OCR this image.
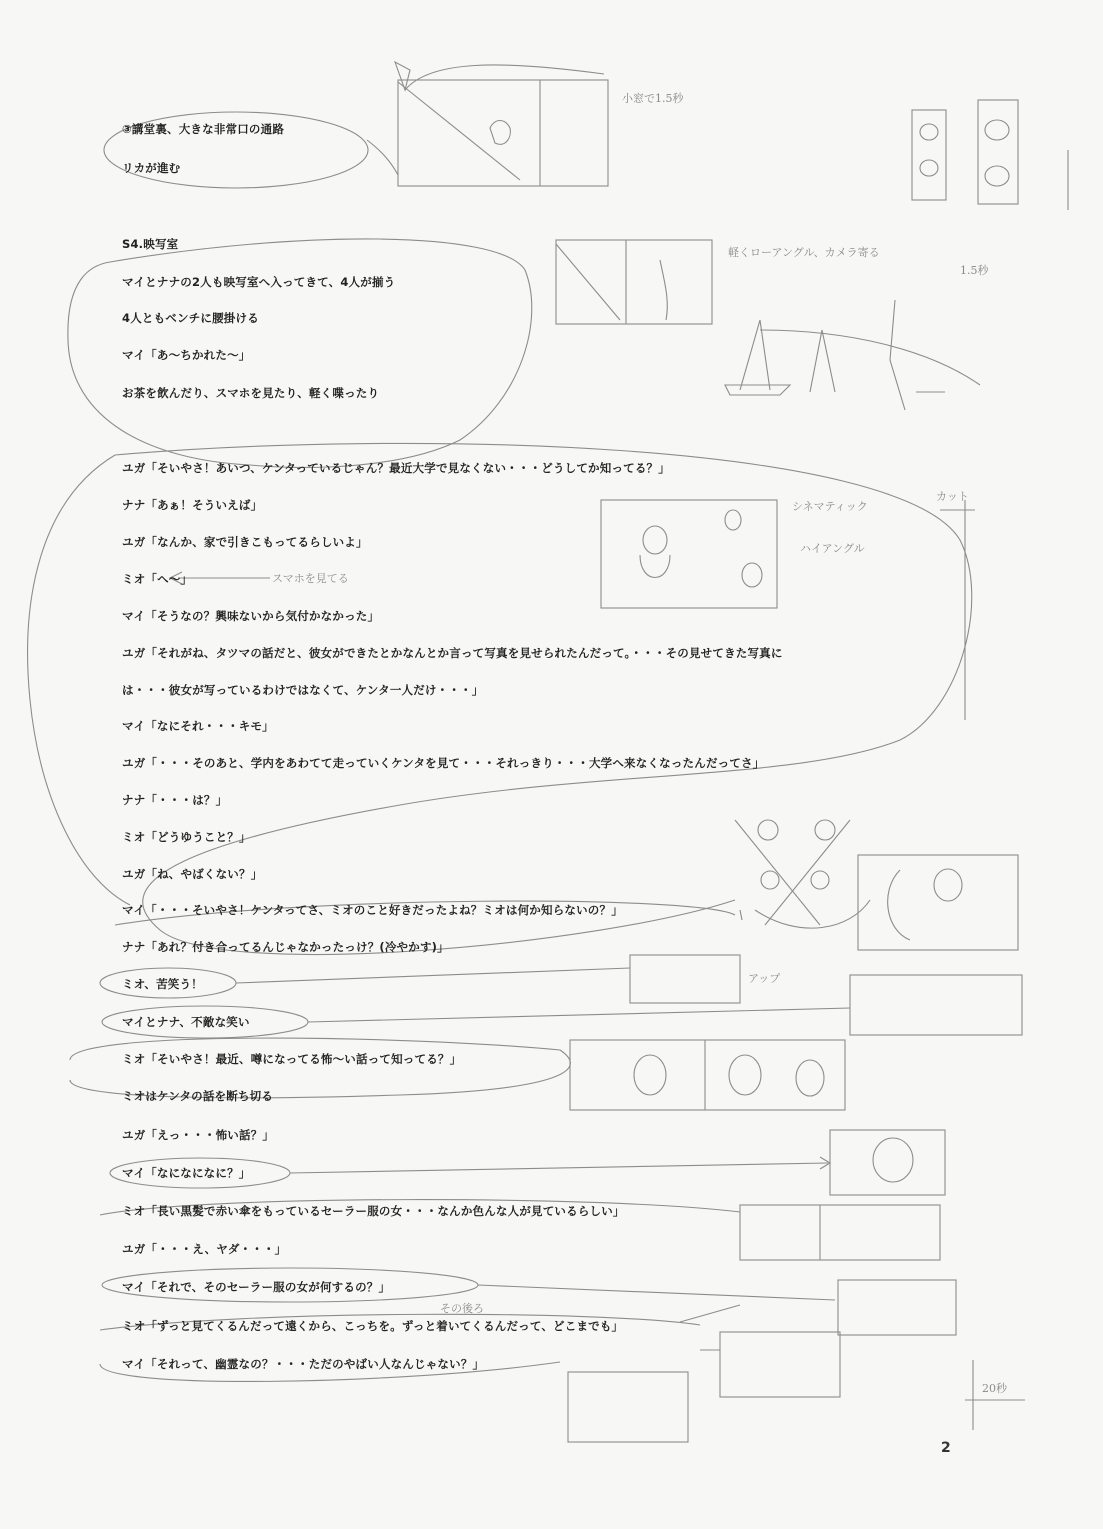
③講堂裏、大きな非常口の通路
リカが進む
S4.映写室
マイとナナの2人も映写室へ入ってきて、4人が揃う
4人ともベンチに腰掛ける
マイ「あ〜ちかれた〜」
お茶を飲んだり、スマホを見たり、軽く喋ったり
ユガ「そいやさ！あいつ、ケンタっているじゃん？最近大学で見なくない・・・どうしてか知ってる？」
ナナ「あぁ！そういえば」
ユガ「なんか、家で引きこもってるらしいよ」
ミオ「へ〜」
マイ「そうなの？興味ないから気付かなかった」
ユガ「それがね、タツマの話だと、彼女ができたとかなんとか言って写真を見せられたんだって。・・・その見せてきた写真に
は・・・彼女が写っているわけではなくて、ケンタ一人だけ・・・」
マイ「なにそれ・・・キモ」
ユガ「・・・そのあと、学内をあわてて走っていくケンタを見て・・・それっきり・・・大学へ来なくなったんだってさ」
ナナ「・・・は？」
ミオ「どうゆうこと？」
ユガ「ね、やばくない？」
マイ「・・・そいやさ！ケンタってさ、ミオのこと好きだったよね？ミオは何か知らないの？」
ナナ「あれ？付き合ってるんじゃなかったっけ？(冷やかす)」
ミオ、苦笑う！
マイとナナ、不敵な笑い
ミオ「そいやさ！最近、噂になってる怖〜い話って知ってる？」
ミオはケンタの話を断ち切る
ユガ「えっ・・・怖い話？」
マイ「なになになに？」
ミオ「長い黒髪で赤い傘をもっているセーラー服の女・・・なんか色んな人が見ているらしい」
ユガ「・・・え、ヤダ・・・」
マイ「それで、そのセーラー服の女が何するの？」
ミオ「ずっと見てくるんだって遠くから、こっちを。ずっと着いてくるんだって、どこまでも」
マイ「それって、幽霊なの？・・・ただのやばい人なんじゃない？」
小窓で1.5秒
軽くローアングル、カメラ寄る
1.5秒
シネマティック
ハイアングル
スマホを見てる
その後ろ
カット
アップ
20秒
2
